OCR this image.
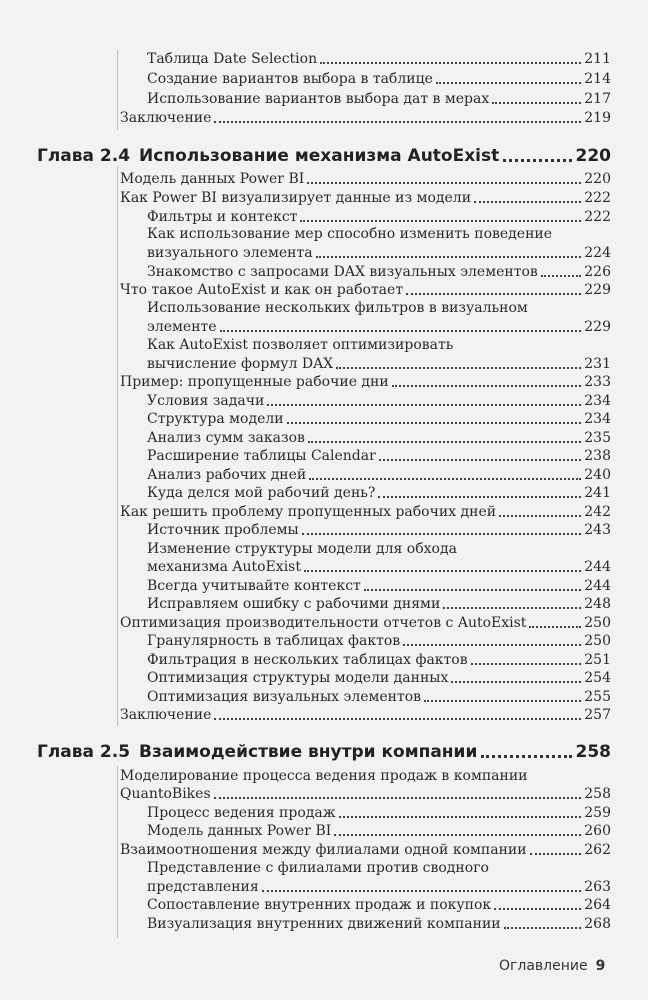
Таблица Date Selection	211
Создание вариантов выбора в таблице	214
Использование вариантов выбора дат в мерах	217
Заключение	219
Глава 2.4 Использование механизма AutoExist	220
Модель данных Power BI	220
Как Power BI визуализирует данные из модели	222
Фильтры и контекст	222
Как использование мер способно изменить поведение
визуального элемента	224
Знакомство с запросами DAX визуальных элементов	226
Что такое AutoExist и как он работает	229
Использование нескольких фильтров в визуальном
элементе	229
Как AutoExist позволяет оптимизировать
вычисление формул DAX	231
Пример: пропущенные рабочие дни	233
Условия задачи	234
Структура модели	234
Анализ сумм заказов	235
Расширение таблицы Calendar	238
Анализ рабочих дней	240
Куда делся мой рабочий день?	241
Как решить проблему пропущенных рабочих дней	242
Источник проблемы	243
Изменение структуры модели для обхода
механизма AutoExist	244
Всегда учитывайте контекст	244
Исправляем ошибку с рабочими днями	248
Оптимизация производительности отчетов с AutoExist	250
Гранулярность в таблицах фактов	250
Фильтрация в нескольких таблицах фактов	251
Оптимизация структуры модели данных	254
Оптимизация визуальных элементов	255
Заключение	257
Глава 2.5 Взаимодействие внутри компании	258
Моделирование процесса ведения продаж в компании
QuantoBikes	258
Процесс ведения продаж	259
Модель данных Power BI	260
Взаимоотношения между филиалами одной компании	262
Представление с филиалами против сводного
представления	263
Сопоставление внутренних продаж и покупок	264
Визуализация внутренних движений компании	268
Оглавление 9
